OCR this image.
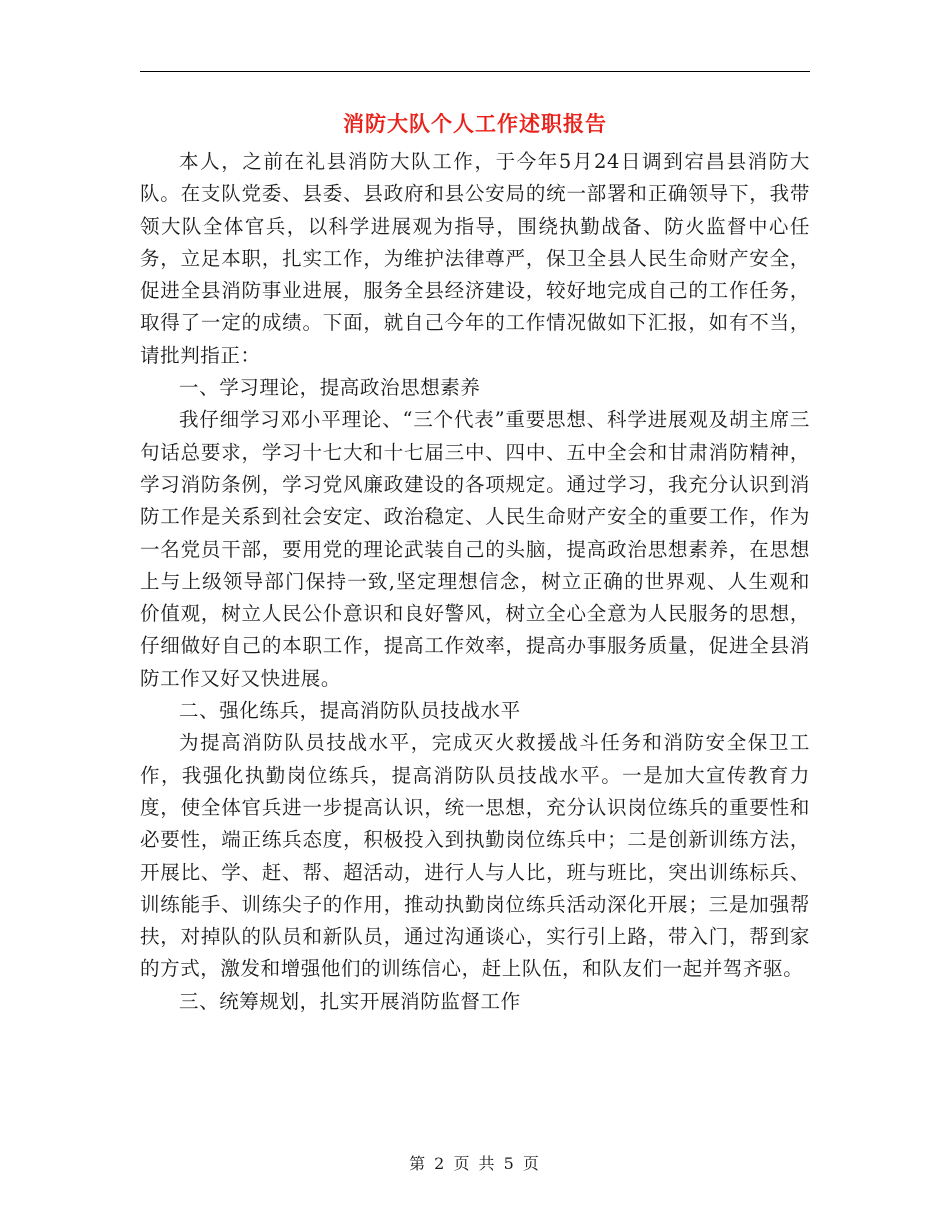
消防大队个人工作述职报告

本人，之前在礼县消防大队工作，于今年5月24日调到宕昌县消防大队。在支队党委、县委、县政府和县公安局的统一部署和正确领导下，我带领大队全体官兵，以科学进展观为指导，围绕执勤战备、防火监督中心任务，立足本职，扎实工作，为维护法律尊严，保卫全县人民生命财产安全，促进全县消防事业进展，服务全县经济建设，较好地完成自己的工作任务，取得了一定的成绩。下面，就自己今年的工作情况做如下汇报，如有不当，请批判指正：

一、学习理论，提高政治思想素养

我仔细学习邓小平理论、“三个代表”重要思想、科学进展观及胡主席三句话总要求，学习十七大和十七届三中、四中、五中全会和甘肃消防精神，学习消防条例，学习党风廉政建设的各项规定。通过学习，我充分认识到消防工作是关系到社会安定、政治稳定、人民生命财产安全的重要工作，作为一名党员干部，要用党的理论武装自己的头脑，提高政治思想素养，在思想上与上级领导部门保持一致,坚定理想信念，树立正确的世界观、人生观和价值观，树立人民公仆意识和良好警风，树立全心全意为人民服务的思想，仔细做好自己的本职工作，提高工作效率，提高办事服务质量，促进全县消防工作又好又快进展。

二、强化练兵，提高消防队员技战水平

为提高消防队员技战水平，完成灭火救援战斗任务和消防安全保卫工作，我强化执勤岗位练兵，提高消防队员技战水平。一是加大宣传教育力度，使全体官兵进一步提高认识，统一思想，充分认识岗位练兵的重要性和必要性，端正练兵态度，积极投入到执勤岗位练兵中；二是创新训练方法，开展比、学、赶、帮、超活动，进行人与人比，班与班比，突出训练标兵、训练能手、训练尖子的作用，推动执勤岗位练兵活动深化开展；三是加强帮扶，对掉队的队员和新队员，通过沟通谈心，实行引上路，带入门，帮到家的方式，激发和增强他们的训练信心，赶上队伍，和队友们一起并驾齐驱。

三、统筹规划，扎实开展消防监督工作

第 2 页 共 5 页
